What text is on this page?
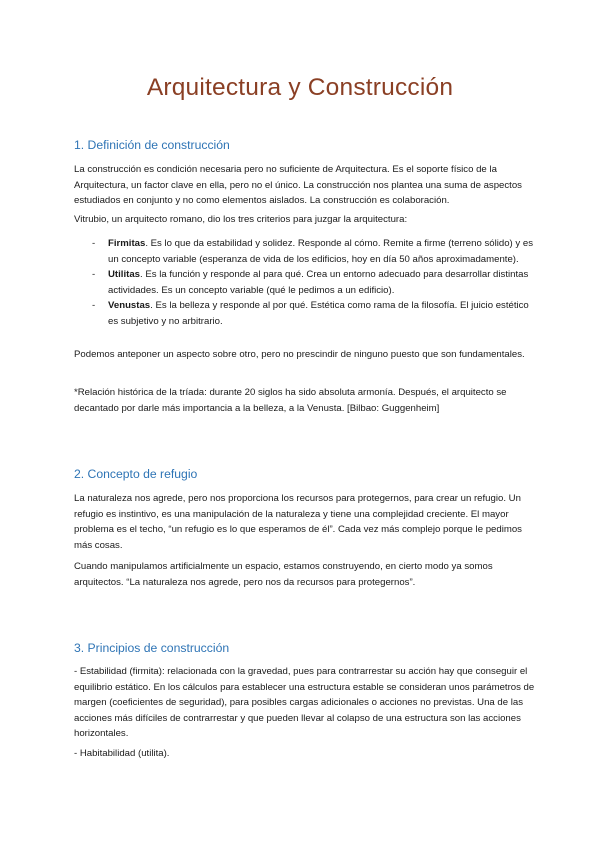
Arquitectura y Construcción
1. Definición de construcción
La construcción es condición necesaria pero no suficiente de Arquitectura. Es el soporte físico de la Arquitectura, un factor clave en ella, pero no el único. La construcción nos plantea una suma de aspectos estudiados en conjunto y no como elementos aislados. La construcción es colaboración.
Vitrubio, un arquitecto romano, dio los tres criterios para juzgar la arquitectura:
- Firmitas. Es lo que da estabilidad y solidez. Responde al cómo. Remite a firme (terreno sólido) y es un concepto variable (esperanza de vida de los edificios, hoy en día 50 años aproximadamente).
- Utilitas. Es la función y responde al para qué. Crea un entorno adecuado para desarrollar distintas actividades. Es un concepto variable (qué le pedimos a un edificio).
- Venustas. Es la belleza y responde al por qué. Estética como rama de la filosofía. El juicio estético es subjetivo y no arbitrario.
Podemos anteponer un aspecto sobre otro, pero no prescindir de ninguno puesto que son fundamentales.
*Relación histórica de la tríada: durante 20 siglos ha sido absoluta armonía. Después, el arquitecto se decantado por darle más importancia a la belleza, a la Venusta. [Bilbao: Guggenheim]
2. Concepto de refugio
La naturaleza nos agrede, pero nos proporciona los recursos para protegernos, para crear un refugio. Un refugio es instintivo, es una manipulación de la naturaleza y tiene una complejidad creciente. El mayor problema es el techo, “un refugio es lo que esperamos de él”. Cada vez más complejo porque le pedimos más cosas.
Cuando manipulamos artificialmente un espacio, estamos construyendo, en cierto modo ya somos arquitectos. “La naturaleza nos agrede, pero nos da recursos para protegernos”.
3. Principios de construcción
- Estabilidad (firmita): relacionada con la gravedad, pues para contrarrestar su acción hay que conseguir el equilibrio estático. En los cálculos para establecer una estructura estable se consideran unos parámetros de margen (coeficientes de seguridad), para posibles cargas adicionales o acciones no previstas. Una de las acciones más difíciles de contrarrestar y que pueden llevar al colapso de una estructura son las acciones horizontales.
- Habitabilidad (utilita).
